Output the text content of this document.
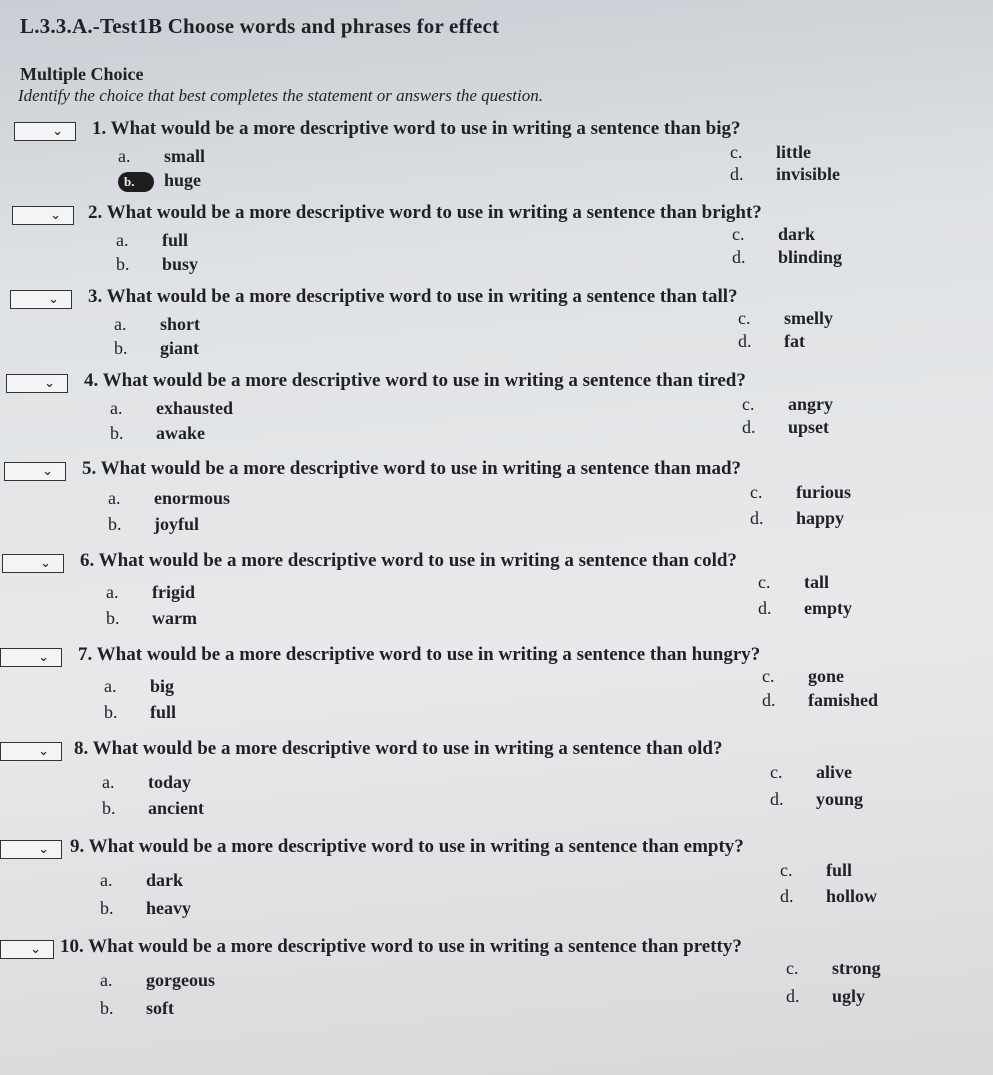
L.3.3.A.-Test1B Choose words and phrases for effect
Multiple Choice
Identify the choice that best completes the statement or answers the question.
⌄ 1. What would be a more descriptive word to use in writing a sentence than big?
a. small
b. huge
c. little
d. invisible
⌄ 2. What would be a more descriptive word to use in writing a sentence than bright?
a. full
b. busy
c. dark
d. blinding
⌄ 3. What would be a more descriptive word to use in writing a sentence than tall?
a. short
b. giant
c. smelly
d. fat
⌄ 4. What would be a more descriptive word to use in writing a sentence than tired?
a. exhausted
b. awake
c. angry
d. upset
⌄ 5. What would be a more descriptive word to use in writing a sentence than mad?
a. enormous
b. joyful
c. furious
d. happy
⌄ 6. What would be a more descriptive word to use in writing a sentence than cold?
a. frigid
b. warm
c. tall
d. empty
⌄ 7. What would be a more descriptive word to use in writing a sentence than hungry?
a. big
b. full
c. gone
d. famished
⌄ 8. What would be a more descriptive word to use in writing a sentence than old?
a. today
b. ancient
c. alive
d. young
⌄ 9. What would be a more descriptive word to use in writing a sentence than empty?
a. dark
b. heavy
c. full
d. hollow
⌄ 10. What would be a more descriptive word to use in writing a sentence than pretty?
a. gorgeous
b. soft
c. strong
d. ugly
